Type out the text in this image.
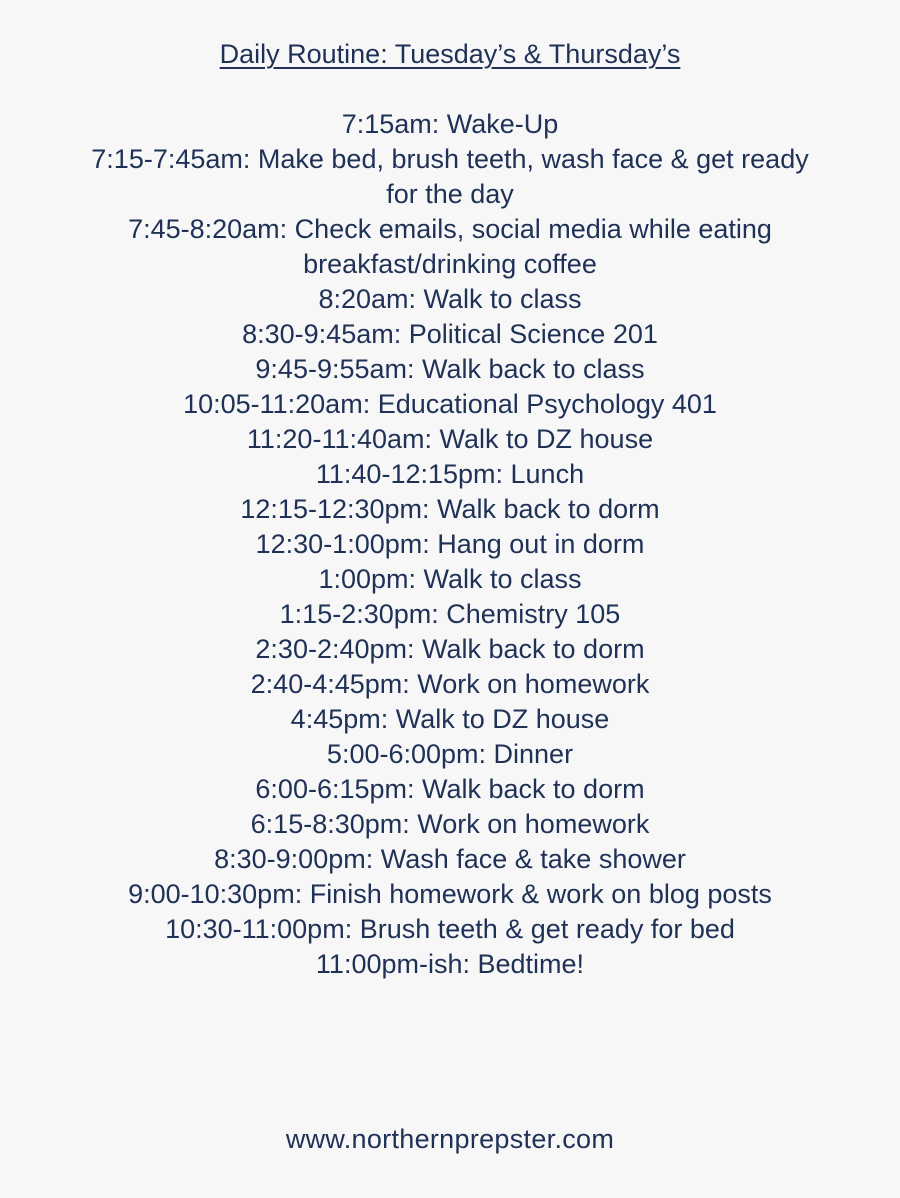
Daily Routine: Tuesday’s & Thursday’s
7:15am: Wake-Up
7:15-7:45am: Make bed, brush teeth, wash face & get ready for the day
7:45-8:20am: Check emails, social media while eating breakfast/drinking coffee
8:20am: Walk to class
8:30-9:45am: Political Science 201
9:45-9:55am: Walk back to class
10:05-11:20am: Educational Psychology 401
11:20-11:40am: Walk to DZ house
11:40-12:15pm: Lunch
12:15-12:30pm: Walk back to dorm
12:30-1:00pm: Hang out in dorm
1:00pm: Walk to class
1:15-2:30pm: Chemistry 105
2:30-2:40pm: Walk back to dorm
2:40-4:45pm: Work on homework
4:45pm: Walk to DZ house
5:00-6:00pm: Dinner
6:00-6:15pm: Walk back to dorm
6:15-8:30pm: Work on homework
8:30-9:00pm: Wash face & take shower
9:00-10:30pm: Finish homework & work on blog posts
10:30-11:00pm: Brush teeth & get ready for bed
11:00pm-ish: Bedtime!
www.northernprepster.com
